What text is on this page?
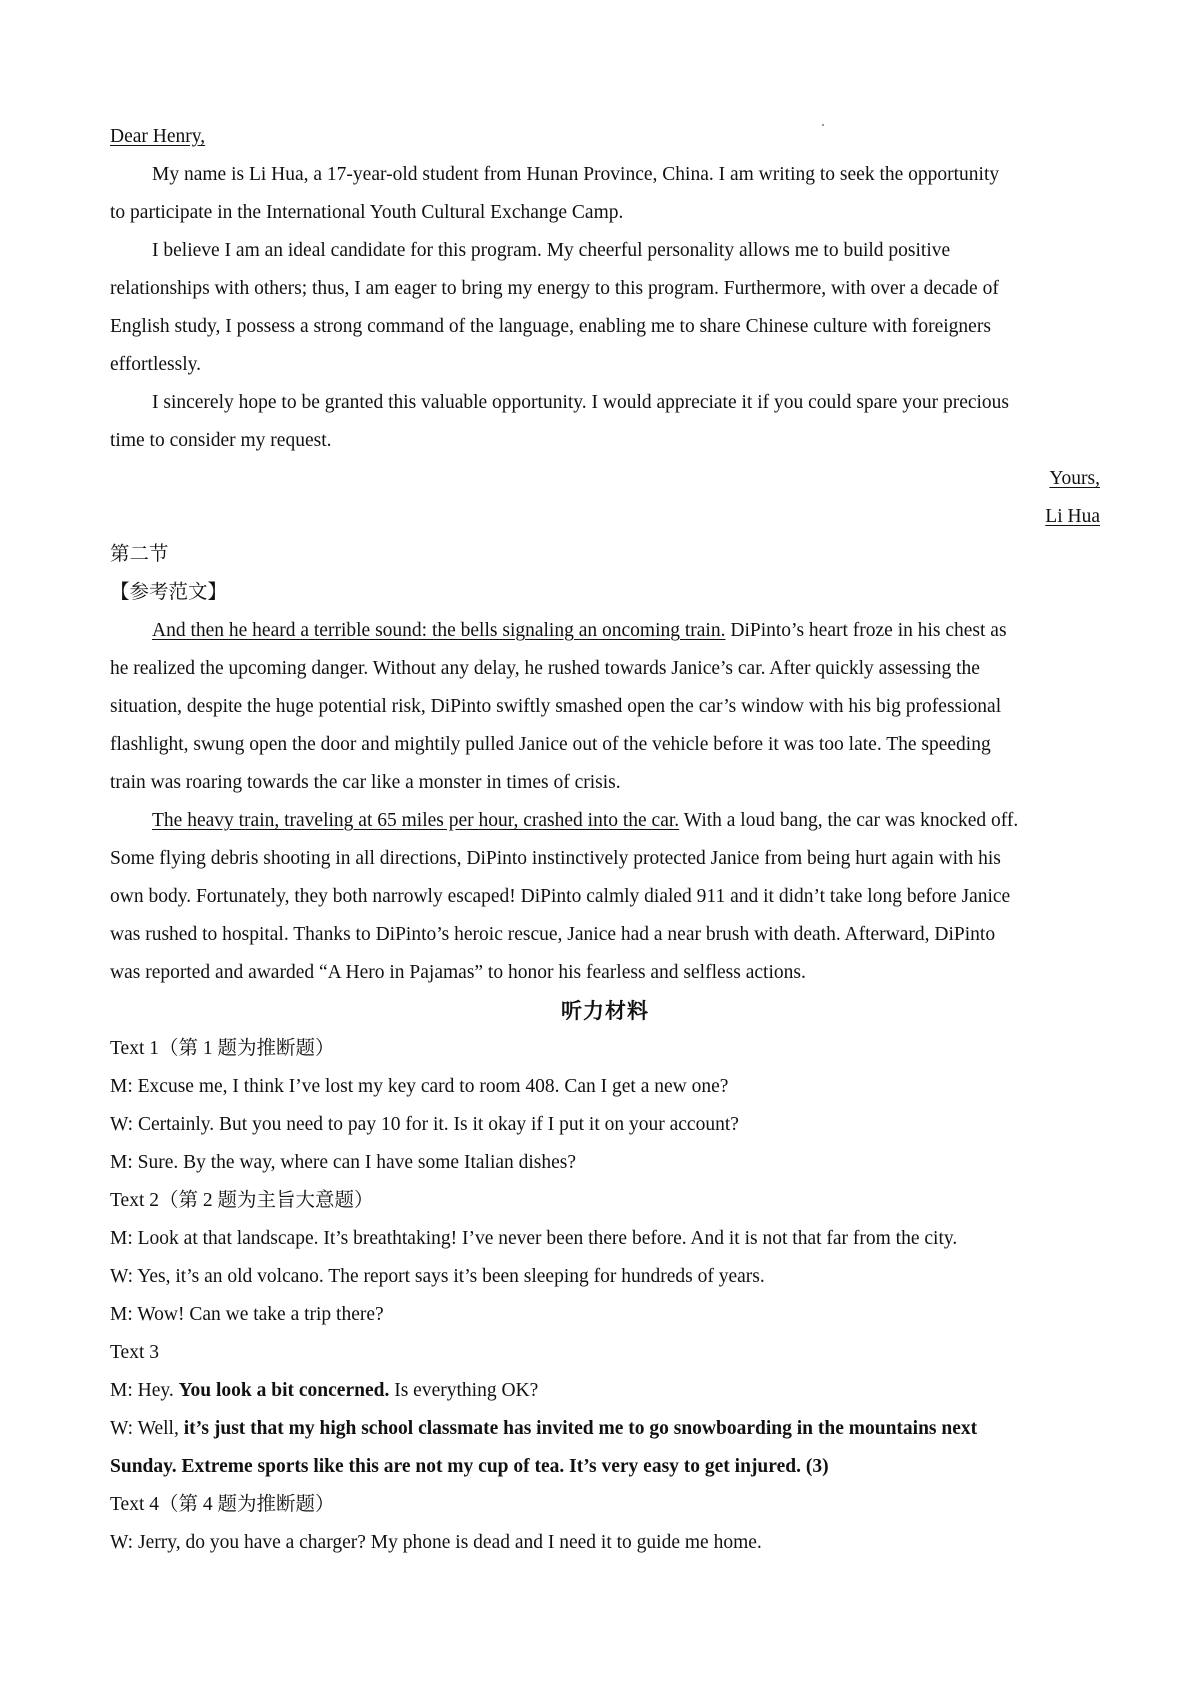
Dear Henry,
My name is Li Hua, a 17-year-old student from Hunan Province, China. I am writing to seek the opportunity
to participate in the International Youth Cultural Exchange Camp.
I believe I am an ideal candidate for this program. My cheerful personality allows me to build positive
relationships with others; thus, I am eager to bring my energy to this program. Furthermore, with over a decade of
English study, I possess a strong command of the language, enabling me to share Chinese culture with foreigners
effortlessly.
I sincerely hope to be granted this valuable opportunity. I would appreciate it if you could spare your precious
time to consider my request.
Yours,
Li Hua
第二节
【参考范文】
And then he heard a terrible sound: the bells signaling an oncoming train. DiPinto’s heart froze in his chest as
he realized the upcoming danger. Without any delay, he rushed towards Janice’s car. After quickly assessing the
situation, despite the huge potential risk, DiPinto swiftly smashed open the car’s window with his big professional
flashlight, swung open the door and mightily pulled Janice out of the vehicle before it was too late. The speeding
train was roaring towards the car like a monster in times of crisis.
The heavy train, traveling at 65 miles per hour, crashed into the car. With a loud bang, the car was knocked off.
Some flying debris shooting in all directions, DiPinto instinctively protected Janice from being hurt again with his
own body. Fortunately, they both narrowly escaped! DiPinto calmly dialed 911 and it didn’t take long before Janice
was rushed to hospital. Thanks to DiPinto’s heroic rescue, Janice had a near brush with death. Afterward, DiPinto
was reported and awarded “A Hero in Pajamas” to honor his fearless and selfless actions.
听力材料
Text 1（第 1 题为推断题）
M: Excuse me, I think I’ve lost my key card to room 408. Can I get a new one?
W: Certainly. But you need to pay 10 for it. Is it okay if I put it on your account?
M: Sure. By the way, where can I have some Italian dishes?
Text 2（第 2 题为主旨大意题）
M: Look at that landscape. It’s breathtaking! I’ve never been there before. And it is not that far from the city.
W: Yes, it’s an old volcano. The report says it’s been sleeping for hundreds of years.
M: Wow! Can we take a trip there?
Text 3
M: Hey. You look a bit concerned. Is everything OK?
W: Well, it’s just that my high school classmate has invited me to go snowboarding in the mountains next
Sunday. Extreme sports like this are not my cup of tea. It’s very easy to get injured. (3)
Text 4（第 4 题为推断题）
W: Jerry, do you have a charger? My phone is dead and I need it to guide me home.
